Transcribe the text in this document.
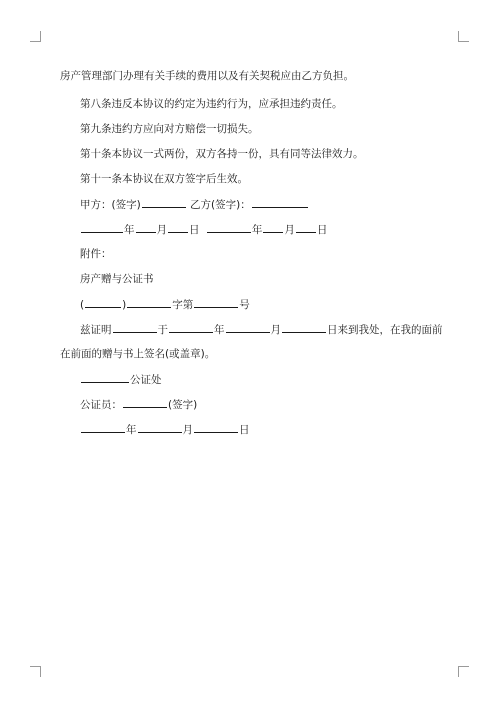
房产管理部门办理有关手续的费用以及有关契税应由乙方负担。
第八条违反本协议的约定为违约行为，应承担违约责任。
第九条违约方应向对方赔偿一切损失。
第十条本协议一式两份，双方各持一份，具有同等法律效力。
第十一条本协议在双方签字后生效。
甲方：(签字)	乙方(签字)：
年 月 日	年 月 日
附件：
房产赠与公证书
(	)	字第	号
兹证明	于	年	月	日来到我处，在我的面前
在前面的赠与书上签名(或盖章)。
公证处
公证员：	(签字)
年	月	日
